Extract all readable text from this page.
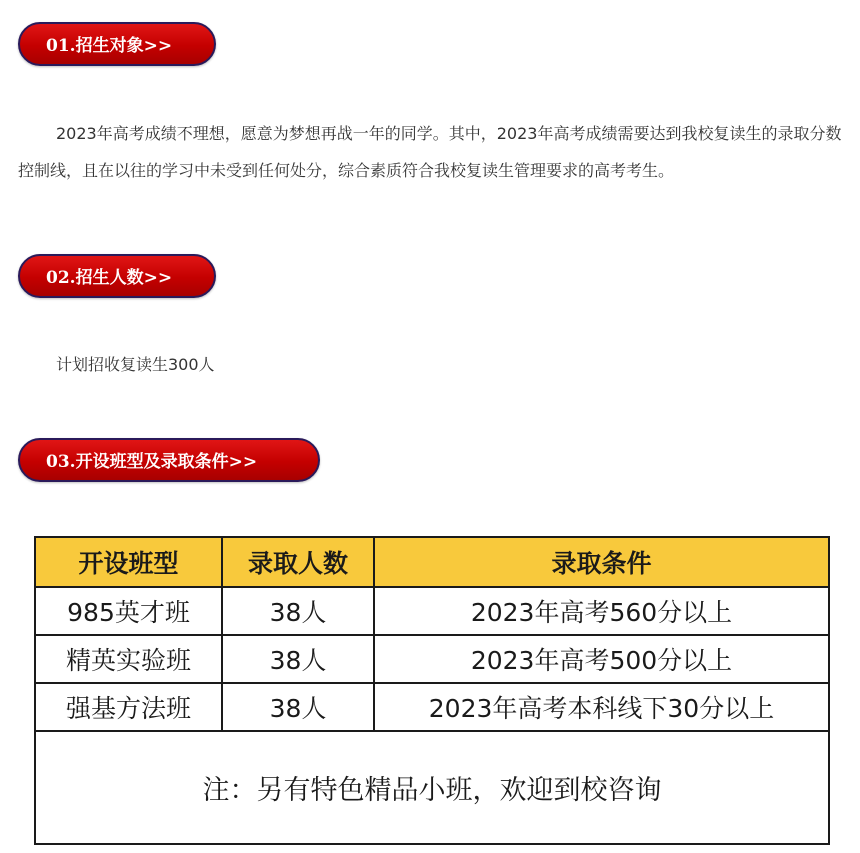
01.招生对象>>

2023年高考成绩不理想，愿意为梦想再战一年的同学。其中，2023年高考成绩需要达到我校复读生的录取分数控制线，且在以往的学习中未受到任何处分，综合素质符合我校复读生管理要求的高考考生。

02.招生人数>>

计划招收复读生300人

03.开设班型及录取条件>>
开设班型	录取人数	录取条件
985英才班	38人	2023年高考560分以上
精英实验班	38人	2023年高考500分以上
强基方法班	38人	2023年高考本科线下30分以上
注：另有特色精品小班，欢迎到校咨询		
